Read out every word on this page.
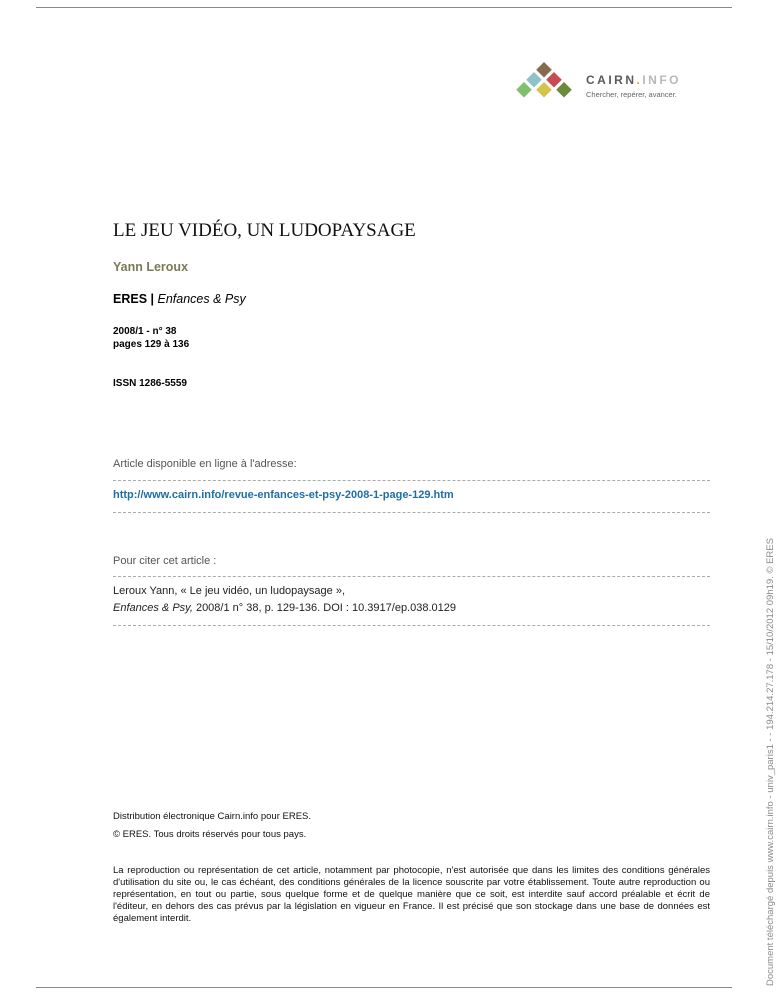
CAIRN.INFO
Chercher, repérer, avancer.
LE JEU VIDÉO, UN LUDOPAYSAGE
Yann Leroux
ERES | Enfances & Psy
2008/1 - n° 38
pages 129 à 136
ISSN 1286-5559
Article disponible en ligne à l'adresse:
http://www.cairn.info/revue-enfances-et-psy-2008-1-page-129.htm
Pour citer cet article :
Leroux Yann, « Le jeu vidéo, un ludopaysage »,
Enfances & Psy, 2008/1 n° 38, p. 129-136. DOI : 10.3917/ep.038.0129
Distribution électronique Cairn.info pour ERES.
© ERES. Tous droits réservés pour tous pays.
La reproduction ou représentation de cet article, notamment par photocopie, n'est autorisée que dans les limites des conditions générales d'utilisation du site ou, le cas échéant, des conditions générales de la licence souscrite par votre établissement. Toute autre reproduction ou représentation, en tout ou partie, sous quelque forme et de quelque manière que ce soit, est interdite sauf accord préalable et écrit de l'éditeur, en dehors des cas prévus par la législation en vigueur en France. Il est précisé que son stockage dans une base de données est également interdit.	Document téléchargé depuis www.cairn.info - univ_paris1 - - 194.214.27.178 - 15/10/2012 09h19. © ERES
